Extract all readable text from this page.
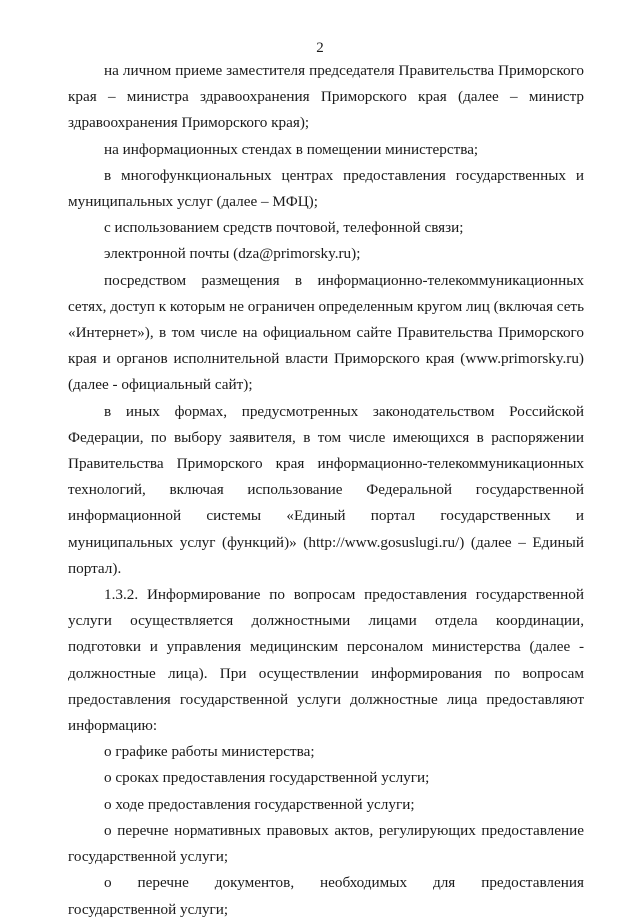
2

на личном приеме заместителя председателя Правительства Приморского края – министра здравоохранения Приморского края (далее – министр здравоохранения Приморского края);

на информационных стендах в помещении министерства;

в многофункциональных центрах предоставления государственных и муниципальных услуг (далее – МФЦ);

с использованием средств почтовой, телефонной связи;

электронной почты (dza@primorsky.ru);

посредством размещения в информационно-телекоммуникационных сетях, доступ к которым не ограничен определенным кругом лиц (включая сеть «Интернет»), в том числе на официальном сайте Правительства Приморского края и органов исполнительной власти Приморского края (www.primorsky.ru) (далее - официальный сайт);

в иных формах, предусмотренных законодательством Российской Федерации, по выбору заявителя, в том числе имеющихся в распоряжении Правительства Приморского края информационно-телекоммуникационных технологий, включая использование Федеральной государственной информационной системы «Единый портал государственных и муниципальных услуг (функций)» (http://www.gosuslugi.ru/) (далее – Единый портал).

1.3.2. Информирование по вопросам предоставления государственной услуги осуществляется должностными лицами отдела координации, подготовки и управления медицинским персоналом министерства (далее - должностные лица). При осуществлении информирования по вопросам предоставления государственной услуги должностные лица предоставляют информацию:

о графике работы министерства;

о сроках предоставления государственной услуги;

о ходе предоставления государственной услуги;

о перечне нормативных правовых актов, регулирующих предоставление государственной услуги;

о перечне документов, необходимых для предоставления государственной услуги;
